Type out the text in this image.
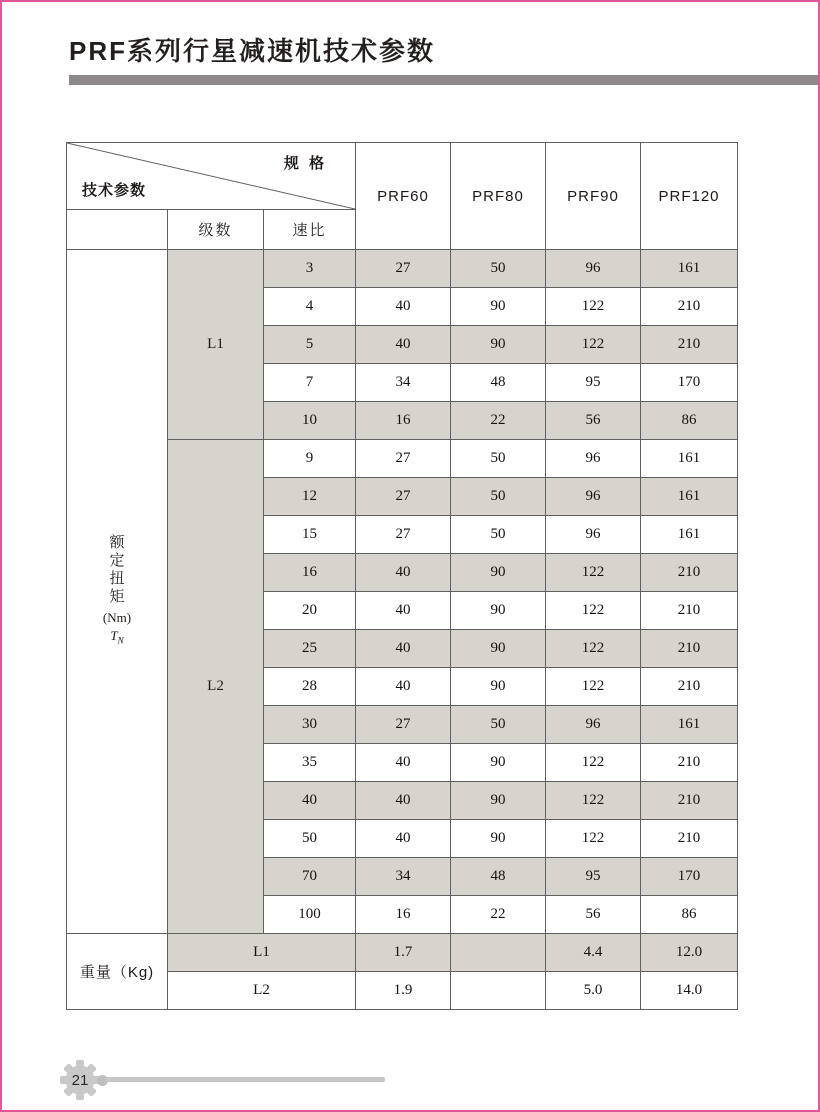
PRF系列行星减速机技术参数
规 格
技术参数			PRF60	PRF80	PRF90	PRF120
	级数	速比				

额
定
扭
矩
(Nm)
$T_N$
	L1	3	27	50	96	161
		4	40	90	122	210
		5	40	90	122	210
		7	34	48	95	170
		10	16	22	56	86
	L2	9	27	50	96	161
		12	27	50	96	161
		15	27	50	96	161
		16	40	90	122	210
		20	40	90	122	210
		25	40	90	122	210
		28	40	90	122	210
		30	27	50	96	161
		35	40	90	122	210
		40	40	90	122	210
		50	40	90	122	210
		70	34	48	95	170
		100	16	22	56	86
重量（Kg)	L1		1.7		4.4	12.0
	L2		1.9		5.0	14.0
21
